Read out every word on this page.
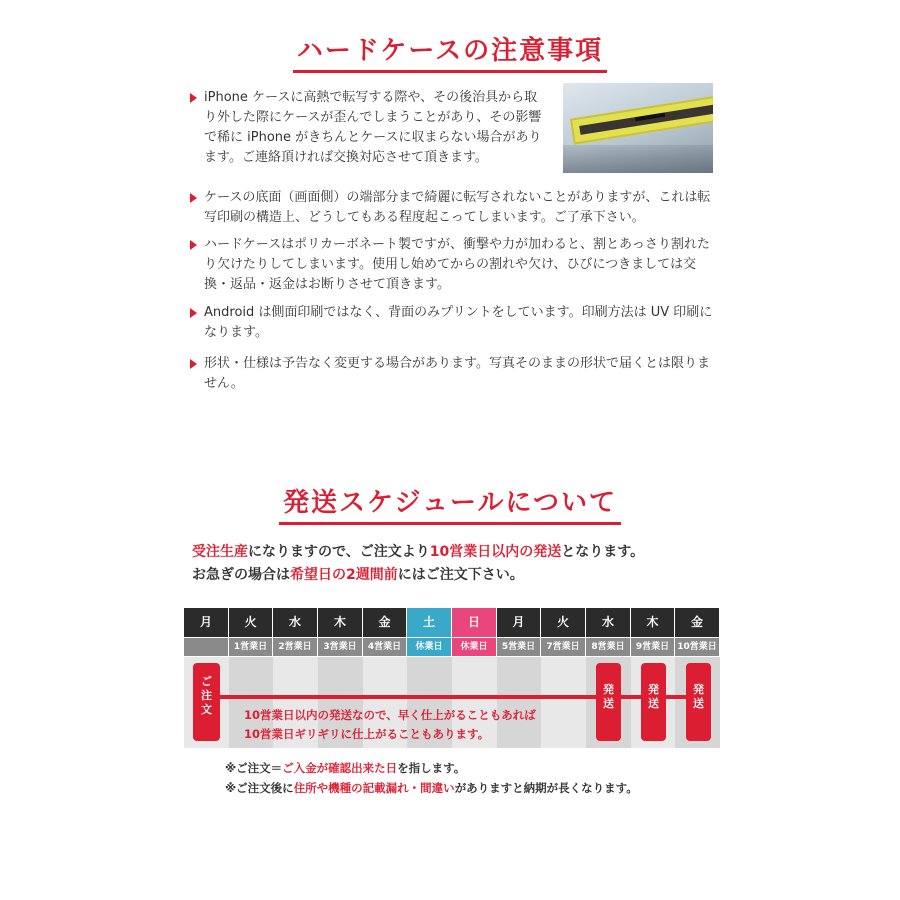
ハードケースの注意事項
iPhone ケースに高熱で転写する際や、その後治具から取り外した際にケースが歪んでしまうことがあり、その影響で稀に iPhone がきちんとケースに収まらない場合があります。ご連絡頂ければ交換対応させて頂きます。
ケースの底面（画面側）の端部分まで綺麗に転写されないことがありますが、これは転写印刷の構造上、どうしてもある程度起こってしまいます。ご了承下さい。
ハードケースはポリカーボネート製ですが、衝撃や力が加わると、割とあっさり割れたり欠けたりしてしまいます。使用し始めてからの割れや欠け、ひびにつきましては交換・返品・返金はお断りさせて頂きます。
Android は側面印刷ではなく、背面のみプリントをしています。印刷方法は UV 印刷になります。
形状・仕様は予告なく変更する場合があります。写真そのままの形状で届くとは限りません。
発送スケジュールについて
受注生産になりますので、ご注文より10営業日以内の発送となります。
お急ぎの場合は希望日の2週間前にはご注文下さい。
月	火
1営業日
水
2営業日
木
3営業日
金
4営業日
土
休業日
日
休業日
月
5営業日
火
7営業日
水
8営業日
木
9営業日
金
10営業日
ご
注
文
発
送
発
送
発
送
10営業日以内の発送なので、早く仕上がることもあれば
10営業日ギリギリに仕上がることもあります。
※ご注文＝ご入金が確認出来た日を指します。
※ご注文後に住所や機種の記載漏れ・間違いがありますと納期が長くなります。
